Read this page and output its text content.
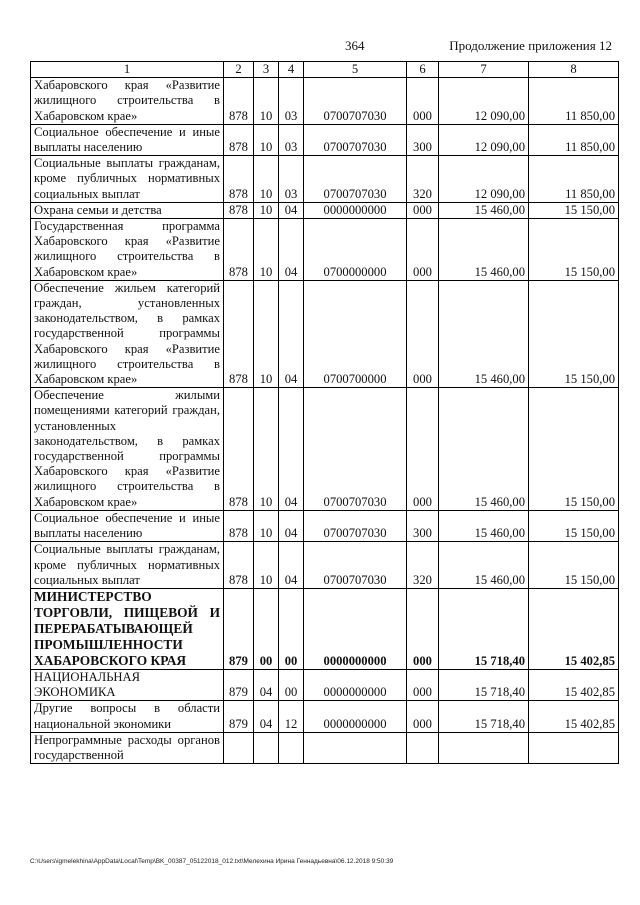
364	Продолжение приложения 12
1	2	3	4	5	6	7	8
Хабаровского края «Развитие жилищного строительства в Хабаровском крае»	878	10	03	0700707030	000	12 090,00	11 850,00
Социальное обеспечение и иные выплаты населению	878	10	03	0700707030	300	12 090,00	11 850,00
Социальные выплаты гражданам, кроме публичных нормативных социальных выплат	878	10	03	0700707030	320	12 090,00	11 850,00
Охрана семьи и детства	878	10	04	0000000000	000	15 460,00	15 150,00
Государственная программа Хабаровского края «Развитие жилищного строительства в Хабаровском крае»	878	10	04	0700000000	000	15 460,00	15 150,00
Обеспечение жильем категорий граждан, установленных законодательством, в рамках государственной программы Хабаровского края «Развитие жилищного строительства в Хабаровском крае»	878	10	04	0700700000	000	15 460,00	15 150,00
Обеспечение жилыми помещениями категорий граждан, установленных законодательством, в рамках государственной программы Хабаровского края «Развитие жилищного строительства в Хабаровском крае»	878	10	04	0700707030	000	15 460,00	15 150,00
Социальное обеспечение и иные выплаты населению	878	10	04	0700707030	300	15 460,00	15 150,00
Социальные выплаты гражданам, кроме публичных нормативных социальных выплат	878	10	04	0700707030	320	15 460,00	15 150,00
МИНИСТЕРСТВО ТОРГОВЛИ, ПИЩЕВОЙ И ПЕРЕРАБАТЫВАЮЩЕЙ ПРОМЫШЛЕННОСТИ ХАБАРОВСКОГО КРАЯ	879	00	00	0000000000	000	15 718,40	15 402,85
НАЦИОНАЛЬНАЯ ЭКОНОМИКА	879	04	00	0000000000	000	15 718,40	15 402,85
Другие вопросы в области национальной экономики	879	04	12	0000000000	000	15 718,40	15 402,85
Непрограммные расходы органов государственной							
C:\Users\igmelekhina\AppData\Local\Temp\BK_00387_05122018_012.txt\Мелехина Ирина Геннадьевна\06.12.2018 9:50:39
